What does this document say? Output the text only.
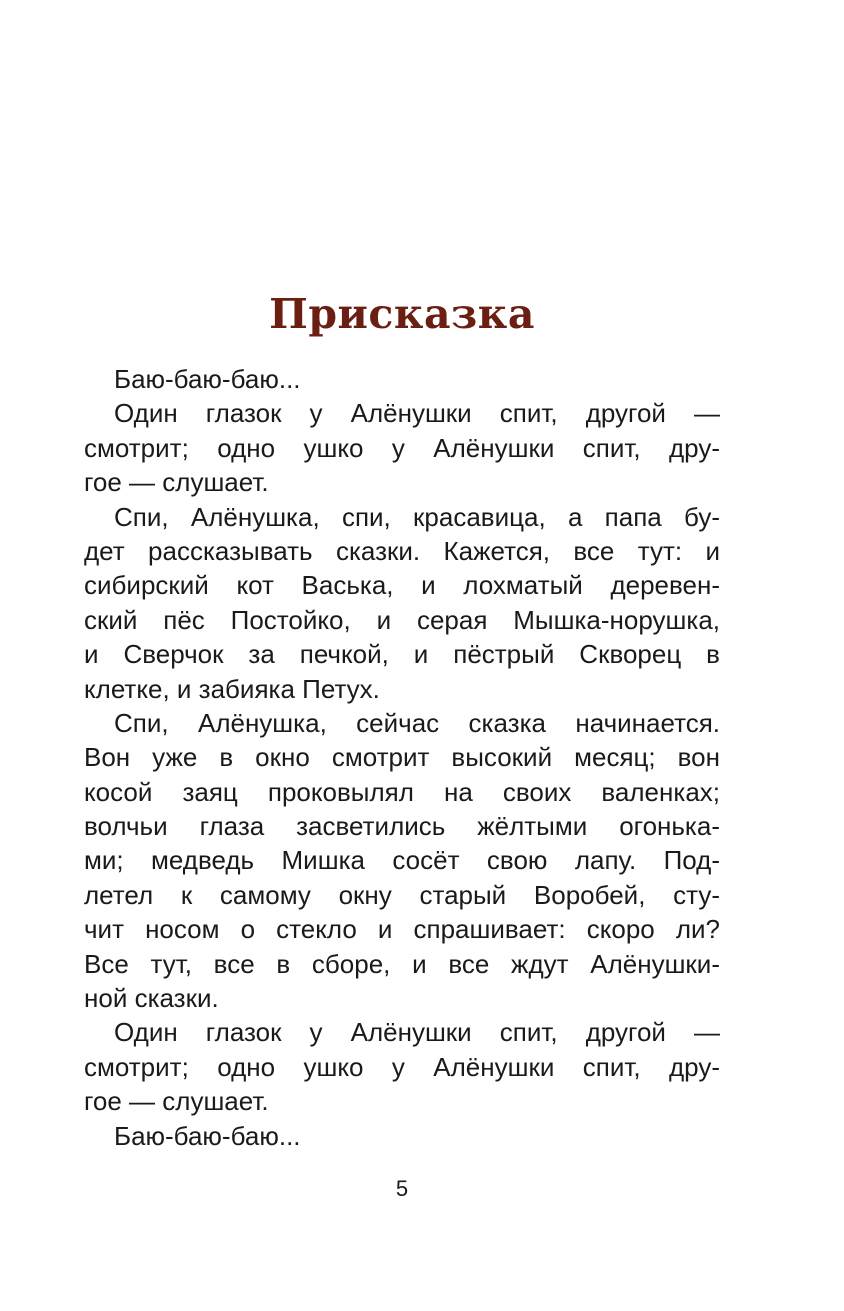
Присказка
Баю-баю-баю...
Один глазок у Алёнушки спит, другой —
смотрит; одно ушко у Алёнушки спит, дру-
гое — слушает.
Спи, Алёнушка, спи, красавица, а папа бу-
дет рассказывать сказки. Кажется, все тут: и
сибирский кот Васька, и лохматый деревен-
ский пёс Постойко, и серая Мышка-норушка,
и Сверчок за печкой, и пёстрый Скворец в
клетке, и забияка Петух.
Спи, Алёнушка, сейчас сказка начинается.
Вон уже в окно смотрит высокий месяц; вон
косой заяц проковылял на своих валенках;
волчьи глаза засветились жёлтыми огонька-
ми; медведь Мишка сосёт свою лапу. Под-
летел к самому окну старый Воробей, сту-
чит носом о стекло и спрашивает: скоро ли?
Все тут, все в сборе, и все ждут Алёнушки-
ной сказки.
Один глазок у Алёнушки спит, другой —
смотрит; одно ушко у Алёнушки спит, дру-
гое — слушает.
Баю-баю-баю...
5
